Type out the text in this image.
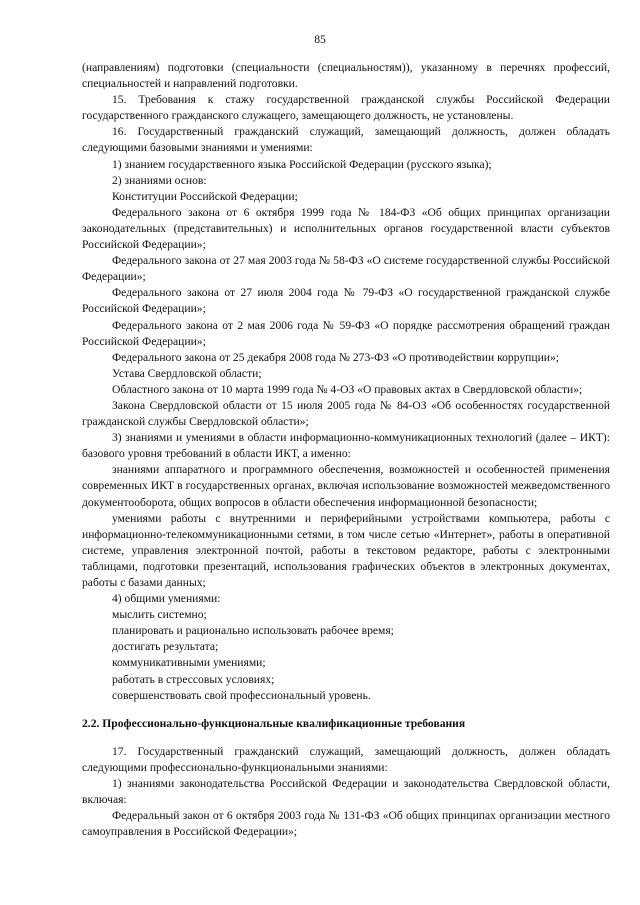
85

(направлениям) подготовки (специальности (специальностям)), указанному в перечнях профессий, специальностей и направлений подготовки.

15. Требования к стажу государственной гражданской службы Российской Федерации государственного гражданского служащего, замещающего должность, не установлены.

16. Государственный гражданский служащий, замещающий должность, должен обладать следующими базовыми знаниями и умениями:

1) знанием государственного языка Российской Федерации (русского языка);

2) знаниями основ:

Конституции Российской Федерации;

Федерального закона от 6 октября 1999 года № 184-ФЗ «Об общих принципах организации законодательных (представительных) и исполнительных органов государственной власти субъектов Российской Федерации»;

Федерального закона от 27 мая 2003 года № 58-ФЗ «О системе государственной службы Российской Федерации»;

Федерального закона от 27 июля 2004 года № 79-ФЗ «О государственной гражданской службе Российской Федерации»;

Федерального закона от 2 мая 2006 года № 59-ФЗ «О порядке рассмотрения обращений граждан Российской Федерации»;

Федерального закона от 25 декабря 2008 года № 273-ФЗ «О противодействии коррупции»;

Устава Свердловской области;

Областного закона от 10 марта 1999 года № 4-ОЗ «О правовых актах в Свердловской области»;

Закона Свердловской области от 15 июля 2005 года № 84-ОЗ «Об особенностях государственной гражданской службы Свердловской области»;

3) знаниями и умениями в области информационно-коммуникационных технологий (далее – ИКТ): базового уровня требований в области ИКТ, а именно:

знаниями аппаратного и программного обеспечения, возможностей и особенностей применения современных ИКТ в государственных органах, включая использование возможностей межведомственного документооборота, общих вопросов в области обеспечения информационной безопасности;

умениями работы с внутренними и периферийными устройствами компьютера, работы с информационно-телекоммуникационными сетями, в том числе сетью «Интернет», работы в оперативной системе, управления электронной почтой, работы в текстовом редакторе, работы с электронными таблицами, подготовки презентаций, использования графических объектов в электронных документах, работы с базами данных;

4) общими умениями:

мыслить системно;

планировать и рационально использовать рабочее время;

достигать результата;

коммуникативными умениями;

работать в стрессовых условиях;

совершенствовать свой профессиональный уровень.

2.2. Профессионально-функциональные квалификационные требования

17. Государственный гражданский служащий, замещающий должность, должен обладать следующими профессионально-функциональными знаниями:

1) знаниями законодательства Российской Федерации и законодательства Свердловской области, включая:

Федеральный закон от 6 октября 2003 года № 131-ФЗ «Об общих принципах организации местного самоуправления в Российской Федерации»;
